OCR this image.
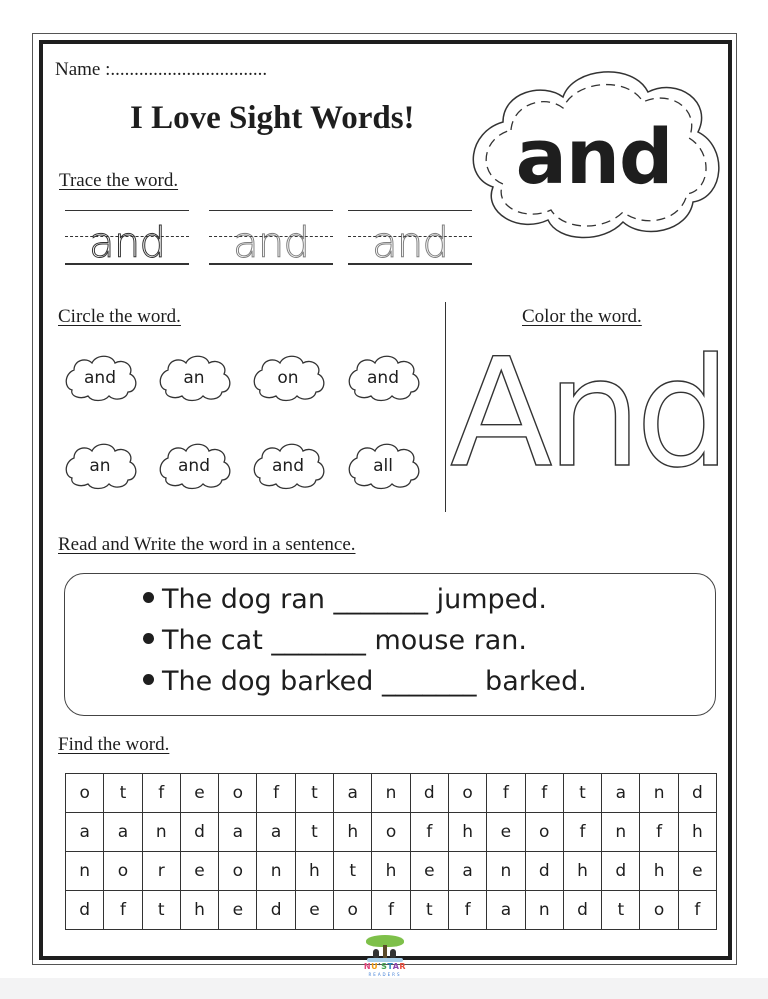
Name :.................................
I Love Sight Words!	and
Trace the word.
and	and	and
Circle the word.
and	an	on	and
an	and	and	all
Color the word.
And
Read and Write the word in a sentence.
The dog ran _______ jumped.
The cat _______ mouse ran.
The dog barked _______ barked.
Find the word.
o	t	f	e	o	f	t	a	n	d	o	f	f	t	a	n	d
a	a	n	d	a	a	t	h	o	f	h	e	o	f	n	f	h
n	o	r	e	o	n	h	t	h	e	a	n	d	h	d	h	e
d	f	t	h	e	d	e	o	f	t	f	a	n	d	t	o	f
NU'STAR
READERS
